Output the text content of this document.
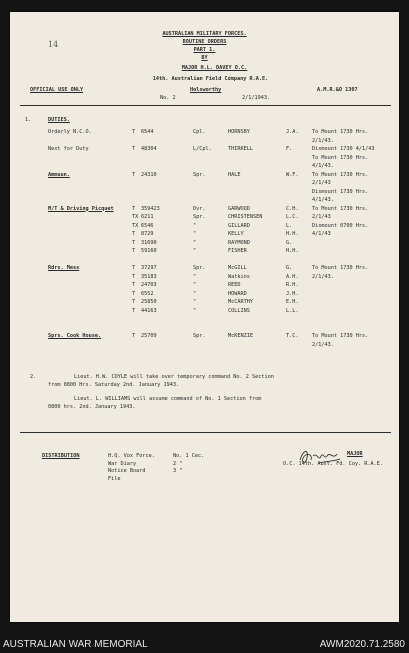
14
AUSTRALIAN MILITARY FORCES.
ROUTINE ORDERS
PART 1.
BY
MAJOR H.L. DAVEY O.C.
14th. Australian Field Company R.A.E.
OFFICIAL USE ONLY	Holsworthy	A.M.R.&O 1307
No. 2	2/1/1943.
1.	DUTIES.
Orderly N.C.O.	T 6544	Cpl.	HORNSBY	J.A.	To Mount 1730 Hrs.
2/1/43.
Next for Duty	T 48304	L/Cpl.	THIRKELL	F.	Dismount 1730 4/1/43
To Mount 1730 Hrs.
4/1/43.
Ammuun.	T 24310	Spr.	HALE	W.F.	To Mount 1730 Hrs.
2/1/43
Dismount 1730 Hrs.
4/1/43.
M/T & Driving Picquet	T 359423	Dvr.	GARWOOD	C.H.	To Mount 1730 Hrs.
TX 6211	Spr.	CHRISTENSEN	L.C.	2/1/43
TX 6546	"	GILLARD	L.	Dismount 0700 Hrs.
T 8729	"	KELLY	H.H.	4/1/43
T 31690	"	RAYMOND	G.
T 59160	"	FISHER	H.H.
Rdrs. Mess	T 37297	Spr.	McGILL	G.	To Mount 1730 Hrs.
T 35183	"	Watkins	A.H.	2/1/43.
T 24703	"	REED	R.H.
T 6552	"	HOWARD	J.H.
T 25850	"	McCARTHY	E.H.
T 44163	"	COLLINS	L.L.
Sprs. Cook House.	T 25709	Spr.	McKENZIE	T.C.	To Mount 1730 Hrs.
2/1/43.
2.	Lieut. H.W. COYLE will take over temporary command No. 2 Section
from 0800 Hrs. Saturday 2nd. January 1943.
Lieut. L. WILLIAMS will assume command of No. 1 Section from
0800 hrs. 2nd. January 1943.
MAJOR
O.C. 14th. Aust. Fd. Coy. R.A.E.
DISTRIBUTION	H.Q. Vox Force.	No. 1 Cec.
War Diary	2 "
Notice Board	3 "
File
AUSTRALIAN WAR MEMORIAL	AWM2020.71.2580
